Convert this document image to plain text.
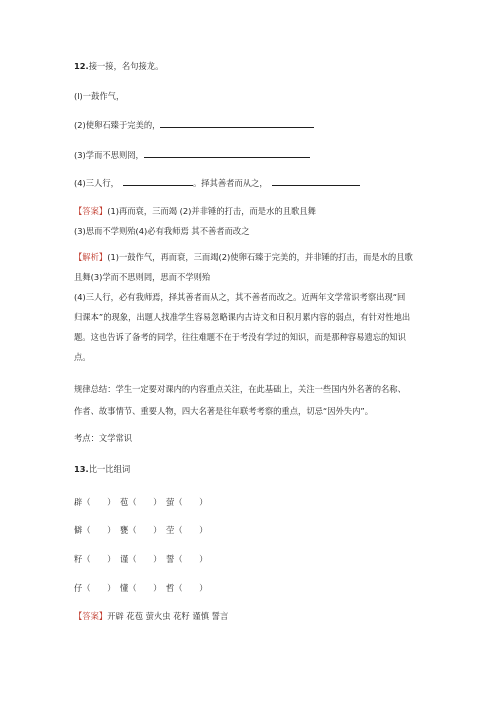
12.接一接，名句接龙。
(l)一鼓作气，
(2)使卵石臻于完美的，
(3)学而不思则罔，
(4)三人行，	。择其善者而从之，
【答案】(1)再而衰，三而竭 (2)并非锤的打击，而是水的且歌且舞
(3)思而不学则殆(4)必有我师焉 其不善者而改之
【解析】(1)一鼓作气，再而衰，三而竭(2)使卵石臻于完美的，并非锤的打击，而是水的且歌
且舞(3)学而不思则罔，思而不学则殆
(4)三人行，必有我师焉，择其善者而从之，其不善者而改之。近两年文学常识考察出现“回
归课本”的现象，出题人找准学生容易忽略课内古诗文和日积月累内容的弱点，有针对性地出
题。这也告诉了备考的同学，往往难题不在于考没有学过的知识，而是那种容易遗忘的知识
点。
规律总结：学生一定要对课内的内容重点关注，在此基础上，关注一些国内外名著的名称、
作者、故事情节、重要人物，四大名著是往年联考考察的重点，切忌“因外失内”。
考点：文学常识
13.比一比组词
辟（　　） 苞（　　） 萤（　　）
僻（　　） 甕（　　） 茔（　　）
籽（　　） 谨（　　） 誓（　　）
仔（　　） 懂（　　） 哲（　　）
【答案】开辟 花苞 萤火虫 花籽 谨慎 誓言
